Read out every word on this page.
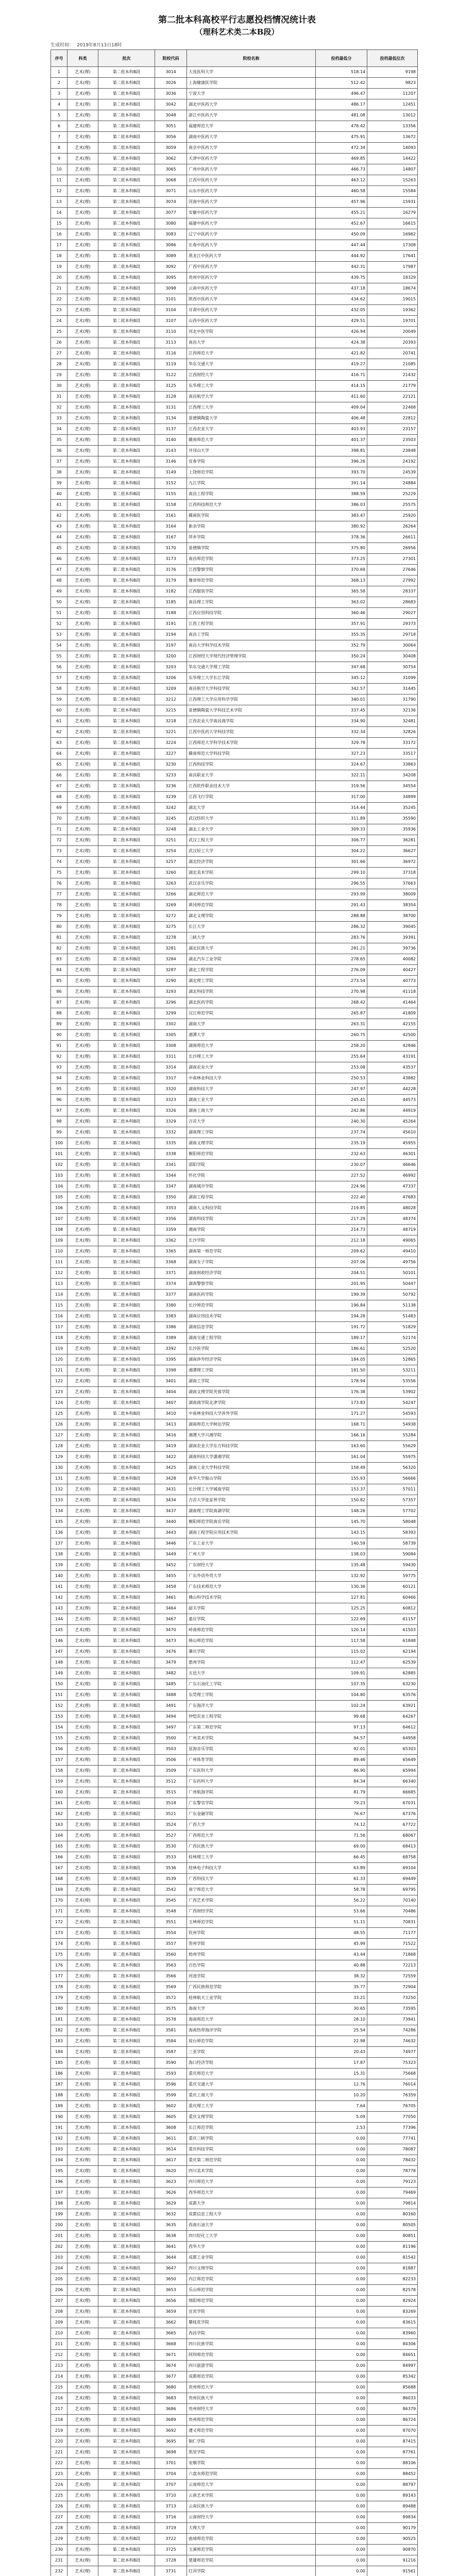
第二批本科高校平行志愿投档情况统计表
（理科艺术类二本B段）
生成时间： 2019年8月13日18时
序号	科类	批次	院校代码	院校名称	投档最低分	投档最低位次
1	艺术(理)	第二批本科B段	3014	大连医科大学	518.14	9198
2	艺术(理)	第二批本科B段	3026	上海健康医学院	512.42	9823
3	艺术(理)	第二批本科B段	3036	宁波大学	496.47	11207
4	艺术(理)	第二批本科B段	3042	湖北中医药大学	486.17	12451
5	艺术(理)	第二批本科B段	3048	浙江中医药大学	481.08	13012
6	艺术(理)	第二批本科B段	3051	福建师范大学	478.42	13356
7	艺术(理)	第二批本科B段	3056	湖南中医药大学	475.91	13672
8	艺术(理)	第二批本科B段	3059	南京中医药大学	472.34	14093
9	艺术(理)	第二批本科B段	3062	天津中医药大学	469.85	14422
10	艺术(理)	第二批本科B段	3065	广州中医药大学	466.73	14807
11	艺术(理)	第二批本科B段	3068	江西中医药大学	463.12	15263
12	艺术(理)	第二批本科B段	3071	山东中医药大学	460.58	15584
13	艺术(理)	第二批本科B段	3074	河南中医药大学	457.96	15931
14	艺术(理)	第二批本科B段	3077	安徽中医药大学	455.21	16279
15	艺术(理)	第二批本科B段	3080	福建中医药大学	452.67	16615
16	艺术(理)	第二批本科B段	3083	辽宁中医药大学	450.09	16962
17	艺术(理)	第二批本科B段	3086	长春中医药大学	447.44	17308
18	艺术(理)	第二批本科B段	3089	黑龙江中医药大学	444.92	17641
19	艺术(理)	第二批本科B段	3092	广西中医药大学	442.31	17987
20	艺术(理)	第二批本科B段	3095	贵州中医药大学	439.75	18329
21	艺术(理)	第二批本科B段	3098	云南中医药大学	437.18	18674
22	艺术(理)	第二批本科B段	3101	陕西中医药大学	434.62	19015
23	艺术(理)	第二批本科B段	3104	甘肃中医药大学	432.05	19362
24	艺术(理)	第二批本科B段	3107	山西中医药大学	429.51	19701
25	艺术(理)	第二批本科B段	3110	河北中医学院	426.94	20049
26	艺术(理)	第二批本科B段	3113	南昌大学	424.38	20393
27	艺术(理)	第二批本科B段	3116	江西师范大学	421.82	20741
28	艺术(理)	第二批本科B段	3119	华东交通大学	419.27	21085
29	艺术(理)	第二批本科B段	3122	江西财经大学	416.71	21432
30	艺术(理)	第二批本科B段	3125	东华理工大学	414.15	21779
31	艺术(理)	第二批本科B段	3128	南昌航空大学	411.60	22121
32	艺术(理)	第二批本科B段	3131	江西理工大学	409.04	22468
33	艺术(理)	第二批本科B段	3134	景德镇陶瓷大学	406.48	22812
34	艺术(理)	第二批本科B段	3137	江西农业大学	403.93	23157
35	艺术(理)	第二批本科B段	3140	赣南师范大学	401.37	23503
36	艺术(理)	第二批本科B段	3143	井冈山大学	398.81	23848
37	艺术(理)	第二批本科B段	3146	宜春学院	396.26	24192
38	艺术(理)	第二批本科B段	3149	上饶师范学院	393.70	24539
39	艺术(理)	第二批本科B段	3152	九江学院	391.14	24884
40	艺术(理)	第二批本科B段	3155	南昌工程学院	388.59	25229
41	艺术(理)	第二批本科B段	3158	江西科技师范大学	386.03	25575
42	艺术(理)	第二批本科B段	3161	赣南医学院	383.47	25920
43	艺术(理)	第二批本科B段	3164	新余学院	380.92	26264
44	艺术(理)	第二批本科B段	3167	萍乡学院	378.36	26611
45	艺术(理)	第二批本科B段	3170	景德镇学院	375.80	26956
46	艺术(理)	第二批本科B段	3173	南昌师范学院	373.25	27301
47	艺术(理)	第二批本科B段	3176	江西警察学院	370.69	27646
48	艺术(理)	第二批本科B段	3179	豫章师范学院	368.13	27992
49	艺术(理)	第二批本科B段	3182	江西服装学院	365.58	28337
50	艺术(理)	第二批本科B段	3185	南昌理工学院	363.02	28683
51	艺术(理)	第二批本科B段	3188	江西应用科技学院	360.46	29027
52	艺术(理)	第二批本科B段	3191	江西工程学院	357.91	29373
53	艺术(理)	第二批本科B段	3194	南昌工学院	355.35	29718
54	艺术(理)	第二批本科B段	3197	南昌大学科学技术学院	352.79	30064
55	艺术(理)	第二批本科B段	3200	江西财经大学现代经济管理学院	350.24	30408
56	艺术(理)	第二批本科B段	3203	华东交通大学理工学院	347.68	30754
57	艺术(理)	第二批本科B段	3206	东华理工大学长江学院	345.12	31099
58	艺术(理)	第二批本科B段	3209	南昌航空大学科技学院	342.57	31445
59	艺术(理)	第二批本科B段	3212	江西理工大学应用科学学院	340.01	31790
60	艺术(理)	第二批本科B段	3215	景德镇陶瓷大学科技艺术学院	337.45	32136
61	艺术(理)	第二批本科B段	3218	江西农业大学南昌商学院	334.90	32481
62	艺术(理)	第二批本科B段	3221	江西中医药大学科技学院	332.34	32826
63	艺术(理)	第二批本科B段	3224	江西师范大学科学技术学院	329.78	33172
64	艺术(理)	第二批本科B段	3227	赣南师范大学科技学院	327.23	33517
65	艺术(理)	第二批本科B段	3230	江西科技学院	324.67	33863
66	艺术(理)	第二批本科B段	3233	南昌职业大学	322.11	34208
67	艺术(理)	第二批本科B段	3236	江西软件职业技术大学	319.56	34554
68	艺术(理)	第二批本科B段	3239	江西飞行学院	317.00	34899
69	艺术(理)	第二批本科B段	3242	湖北大学	314.44	35245
70	艺术(理)	第二批本科B段	3245	武汉纺织大学	311.89	35590
71	艺术(理)	第二批本科B段	3248	湖北工业大学	309.33	35936
72	艺术(理)	第二批本科B段	3251	武汉工程大学	306.77	36281
73	艺术(理)	第二批本科B段	3254	武汉轻工大学	304.22	36627
74	艺术(理)	第二批本科B段	3257	湖北经济学院	301.66	36972
75	艺术(理)	第二批本科B段	3260	湖北美术学院	299.10	37318
76	艺术(理)	第二批本科B段	3263	武汉音乐学院	296.55	37663
77	艺术(理)	第二批本科B段	3266	湖北师范大学	293.99	38009
78	艺术(理)	第二批本科B段	3269	黄冈师范学院	291.43	38354
79	艺术(理)	第二批本科B段	3272	湖北文理学院	288.88	38700
80	艺术(理)	第二批本科B段	3275	长江大学	286.32	39045
81	艺术(理)	第二批本科B段	3278	三峡大学	283.76	39391
82	艺术(理)	第二批本科B段	3281	湖北民族大学	281.21	39736
83	艺术(理)	第二批本科B段	3284	湖北汽车工业学院	278.65	40082
84	艺术(理)	第二批本科B段	3287	湖北工程学院	276.09	40427
85	艺术(理)	第二批本科B段	3290	湖北理工学院	273.54	40773
86	艺术(理)	第二批本科B段	3293	湖北科技学院	270.98	41118
87	艺术(理)	第二批本科B段	3296	湖北医药学院	268.42	41464
88	艺术(理)	第二批本科B段	3299	汉江师范学院	265.87	41809
89	艺术(理)	第二批本科B段	3302	湖南大学	263.31	42155
90	艺术(理)	第二批本科B段	3305	湘潭大学	260.75	42500
91	艺术(理)	第二批本科B段	3308	湖南师范大学	258.20	42846
92	艺术(理)	第二批本科B段	3311	长沙理工大学	255.64	43191
93	艺术(理)	第二批本科B段	3314	湖南农业大学	253.08	43537
94	艺术(理)	第二批本科B段	3317	中南林业科技大学	250.53	43882
95	艺术(理)	第二批本科B段	3320	湖南科技大学	247.97	44228
96	艺术(理)	第二批本科B段	3323	湖南工业大学	245.41	44573
97	艺术(理)	第二批本科B段	3326	湖南工商大学	242.86	44919
98	艺术(理)	第二批本科B段	3329	吉首大学	240.30	45264
99	艺术(理)	第二批本科B段	3332	湖南理工学院	237.74	45610
100	艺术(理)	第二批本科B段	3335	湖南文理学院	235.19	45955
101	艺术(理)	第二批本科B段	3338	衡阳师范学院	232.63	46301
102	艺术(理)	第二批本科B段	3341	邵阳学院	230.07	46646
103	艺术(理)	第二批本科B段	3344	怀化学院	227.52	46992
104	艺术(理)	第二批本科B段	3347	湖南城市学院	224.96	47337
105	艺术(理)	第二批本科B段	3350	湖南工程学院	222.40	47683
106	艺术(理)	第二批本科B段	3353	湖南人文科技学院	219.85	48028
107	艺术(理)	第二批本科B段	3356	湖南科技学院	217.29	48374
108	艺术(理)	第二批本科B段	3359	湘南学院	214.73	48719
109	艺术(理)	第二批本科B段	3362	长沙学院	212.18	49065
110	艺术(理)	第二批本科B段	3365	湖南第一师范学院	209.62	49410
111	艺术(理)	第二批本科B段	3368	湖南女子学院	207.06	49756
112	艺术(理)	第二批本科B段	3371	湖南财政经济学院	204.51	50101
113	艺术(理)	第二批本科B段	3374	湖南警察学院	201.95	50447
114	艺术(理)	第二批本科B段	3377	湖南医药学院	199.39	50792
115	艺术(理)	第二批本科B段	3380	长沙师范学院	196.84	51138
116	艺术(理)	第二批本科B段	3383	湖南应用技术学院	194.28	51483
117	艺术(理)	第二批本科B段	3386	湖南信息学院	191.72	51829
118	艺术(理)	第二批本科B段	3389	湖南交通工程学院	189.17	52174
119	艺术(理)	第二批本科B段	3392	长沙医学院	186.61	52520
120	艺术(理)	第二批本科B段	3395	湖南涉外经济学院	184.05	52865
121	艺术(理)	第二批本科B段	3398	湘潭理工学院	181.50	53211
122	艺术(理)	第二批本科B段	3401	湖南工学院	178.94	53556
123	艺术(理)	第二批本科B段	3404	湖南文理学院芙蓉学院	176.38	53902
124	艺术(理)	第二批本科B段	3407	湖南商学院北津学院	173.83	54247
125	艺术(理)	第二批本科B段	3410	中南林业科技大学涉外学院	171.27	54593
126	艺术(理)	第二批本科B段	3413	湖南师范大学树达学院	168.71	54938
127	艺术(理)	第二批本科B段	3416	湘潭大学兴湘学院	166.16	55284
128	艺术(理)	第二批本科B段	3419	湖南农业大学东方科技学院	163.60	55629
129	艺术(理)	第二批本科B段	3422	湖南科技大学潇湘学院	161.04	55975
130	艺术(理)	第二批本科B段	3425	湖南工业大学科技学院	158.49	56320
131	艺术(理)	第二批本科B段	3428	南华大学船山学院	155.93	56666
132	艺术(理)	第二批本科B段	3431	长沙理工大学城南学院	153.37	57011
133	艺术(理)	第二批本科B段	3434	吉首大学张家界学院	150.82	57357
134	艺术(理)	第二批本科B段	3437	湖南理工学院南湖学院	148.26	57702
135	艺术(理)	第二批本科B段	3440	衡阳师范学院南岳学院	145.70	58048
136	艺术(理)	第二批本科B段	3443	湖南工程学院应用技术学院	143.15	58393
137	艺术(理)	第二批本科B段	3446	广东工业大学	140.59	58739
138	艺术(理)	第二批本科B段	3449	广州大学	138.03	59084
139	艺术(理)	第二批本科B段	3452	广东财经大学	135.48	59430
140	艺术(理)	第二批本科B段	3455	广东外语外贸大学	132.92	59775
141	艺术(理)	第二批本科B段	3458	广东技术师范大学	130.36	60121
142	艺术(理)	第二批本科B段	3461	佛山科学技术学院	127.81	60466
143	艺术(理)	第二批本科B段	3464	韶关学院	125.25	60812
144	艺术(理)	第二批本科B段	3467	嘉应学院	122.69	61157
145	艺术(理)	第二批本科B段	3470	岭南师范学院	120.14	61503
146	艺术(理)	第二批本科B段	3473	韩山师范学院	117.58	61848
147	艺术(理)	第二批本科B段	3476	肇庆学院	115.02	62194
148	艺术(理)	第二批本科B段	3479	惠州学院	112.47	62539
149	艺术(理)	第二批本科B段	3482	五邑大学	109.91	62885
150	艺术(理)	第二批本科B段	3485	广东石油化工学院	107.35	63230
151	艺术(理)	第二批本科B段	3488	东莞理工学院	104.80	63576
152	艺术(理)	第二批本科B段	3491	广东海洋大学	102.24	63921
153	艺术(理)	第二批本科B段	3494	仲恺农业工程学院	99.68	64267
154	艺术(理)	第二批本科B段	3497	广东第二师范学院	97.13	64612
155	艺术(理)	第二批本科B段	3500	广州美术学院	94.57	64958
156	艺术(理)	第二批本科B段	3503	星海音乐学院	92.01	65303
157	艺术(理)	第二批本科B段	3506	广州体育学院	89.46	65649
158	艺术(理)	第二批本科B段	3509	广东医科大学	86.90	65994
159	艺术(理)	第二批本科B段	3512	广东药科大学	84.34	66340
160	艺术(理)	第二批本科B段	3515	广州航海学院	81.79	66685
161	艺术(理)	第二批本科B段	3518	广东警官学院	79.23	67031
162	艺术(理)	第二批本科B段	3521	广东金融学院	76.67	67376
163	艺术(理)	第二批本科B段	3524	广西大学	74.12	67722
164	艺术(理)	第二批本科B段	3527	广西师范大学	71.56	68067
165	艺术(理)	第二批本科B段	3530	广西民族大学	69.00	68413
166	艺术(理)	第二批本科B段	3533	桂林理工大学	66.45	68758
167	艺术(理)	第二批本科B段	3536	桂林电子科技大学	63.89	69104
168	艺术(理)	第二批本科B段	3539	广西科技大学	61.33	69449
169	艺术(理)	第二批本科B段	3542	南宁师范大学	58.78	69795
170	艺术(理)	第二批本科B段	3545	广西艺术学院	56.22	70140
171	艺术(理)	第二批本科B段	3548	广西财经学院	53.66	70486
172	艺术(理)	第二批本科B段	3551	玉林师范学院	51.11	70831
173	艺术(理)	第二批本科B段	3554	钦州学院	48.55	71177
174	艺术(理)	第二批本科B段	3557	贺州学院	45.99	71522
175	艺术(理)	第二批本科B段	3560	梧州学院	43.44	71868
176	艺术(理)	第二批本科B段	3563	百色学院	40.88	72213
177	艺术(理)	第二批本科B段	3566	河池学院	38.32	72559
178	艺术(理)	第二批本科B段	3569	广西民族师范学院	35.77	72904
179	艺术(理)	第二批本科B段	3572	桂林航天工业学院	33.21	73250
180	艺术(理)	第二批本科B段	3575	海南大学	30.65	73595
181	艺术(理)	第二批本科B段	3578	海南师范大学	28.10	73941
182	艺术(理)	第二批本科B段	3581	海南热带海洋学院	25.54	74286
183	艺术(理)	第二批本科B段	3584	琼台师范学院	22.98	74632
184	艺术(理)	第二批本科B段	3587	三亚学院	20.43	74977
185	艺术(理)	第二批本科B段	3590	海口经济学院	17.87	75323
186	艺术(理)	第二批本科B段	3593	重庆师范大学	15.31	75668
187	艺术(理)	第二批本科B段	3596	重庆交通大学	12.76	76014
188	艺术(理)	第二批本科B段	3599	重庆工商大学	10.20	76359
189	艺术(理)	第二批本科B段	3602	重庆理工大学	7.64	76705
190	艺术(理)	第二批本科B段	3605	重庆文理学院	5.09	77050
191	艺术(理)	第二批本科B段	3608	长江师范学院	2.53	77396
192	艺术(理)	第二批本科B段	3611	重庆三峡学院	0.00	77741
193	艺术(理)	第二批本科B段	3614	重庆科技学院	0.00	78087
194	艺术(理)	第二批本科B段	3617	重庆第二师范学院	0.00	78432
195	艺术(理)	第二批本科B段	3620	四川美术学院	0.00	78778
196	艺术(理)	第二批本科B段	3623	四川师范大学	0.00	79123
197	艺术(理)	第二批本科B段	3626	西华师范大学	0.00	79469
198	艺术(理)	第二批本科B段	3629	成都大学	0.00	79814
199	艺术(理)	第二批本科B段	3632	成都信息工程大学	0.00	80160
200	艺术(理)	第二批本科B段	3635	西南石油大学	0.00	80505
201	艺术(理)	第二批本科B段	3638	四川轻化工大学	0.00	80851
202	艺术(理)	第二批本科B段	3641	西华大学	0.00	81196
203	艺术(理)	第二批本科B段	3644	成都工业学院	0.00	81542
204	艺术(理)	第二批本科B段	3647	四川文理学院	0.00	81887
205	艺术(理)	第二批本科B段	3650	内江师范学院	0.00	82233
206	艺术(理)	第二批本科B段	3653	乐山师范学院	0.00	82578
207	艺术(理)	第二批本科B段	3656	绵阳师范学院	0.00	82924
208	艺术(理)	第二批本科B段	3659	宜宾学院	0.00	83269
209	艺术(理)	第二批本科B段	3662	攀枝花学院	0.00	83615
210	艺术(理)	第二批本科B段	3665	西昌学院	0.00	83960
211	艺术(理)	第二批本科B段	3668	四川民族学院	0.00	84306
212	艺术(理)	第二批本科B段	3671	阿坝师范学院	0.00	84651
213	艺术(理)	第二批本科B段	3674	四川旅游学院	0.00	84997
214	艺术(理)	第二批本科B段	3677	成都师范学院	0.00	85342
215	艺术(理)	第二批本科B段	3680	贵州师范大学	0.00	85688
216	艺术(理)	第二批本科B段	3683	贵州民族大学	0.00	86033
217	艺术(理)	第二批本科B段	3686	贵州财经大学	0.00	86379
218	艺术(理)	第二批本科B段	3689	贵州师范学院	0.00	86724
219	艺术(理)	第二批本科B段	3692	遵义师范学院	0.00	87070
220	艺术(理)	第二批本科B段	3695	铜仁学院	0.00	87415
221	艺术(理)	第二批本科B段	3698	凯里学院	0.00	87761
222	艺术(理)	第二批本科B段	3701	安顺学院	0.00	88106
223	艺术(理)	第二批本科B段	3704	六盘水师范学院	0.00	88452
224	艺术(理)	第二批本科B段	3707	云南师范大学	0.00	88797
225	艺术(理)	第二批本科B段	3710	云南艺术学院	0.00	89143
226	艺术(理)	第二批本科B段	3713	云南民族大学	0.00	89488
227	艺术(理)	第二批本科B段	3716	云南财经大学	0.00	89834
228	艺术(理)	第二批本科B段	3719	大理大学	0.00	90179
229	艺术(理)	第二批本科B段	3722	曲靖师范学院	0.00	90525
230	艺术(理)	第二批本科B段	3725	玉溪师范学院	0.00	90870
231	艺术(理)	第二批本科B段	3728	楚雄师范学院	0.00	91216
232	艺术(理)	第二批本科B段	3731	红河学院	0.00	91561
